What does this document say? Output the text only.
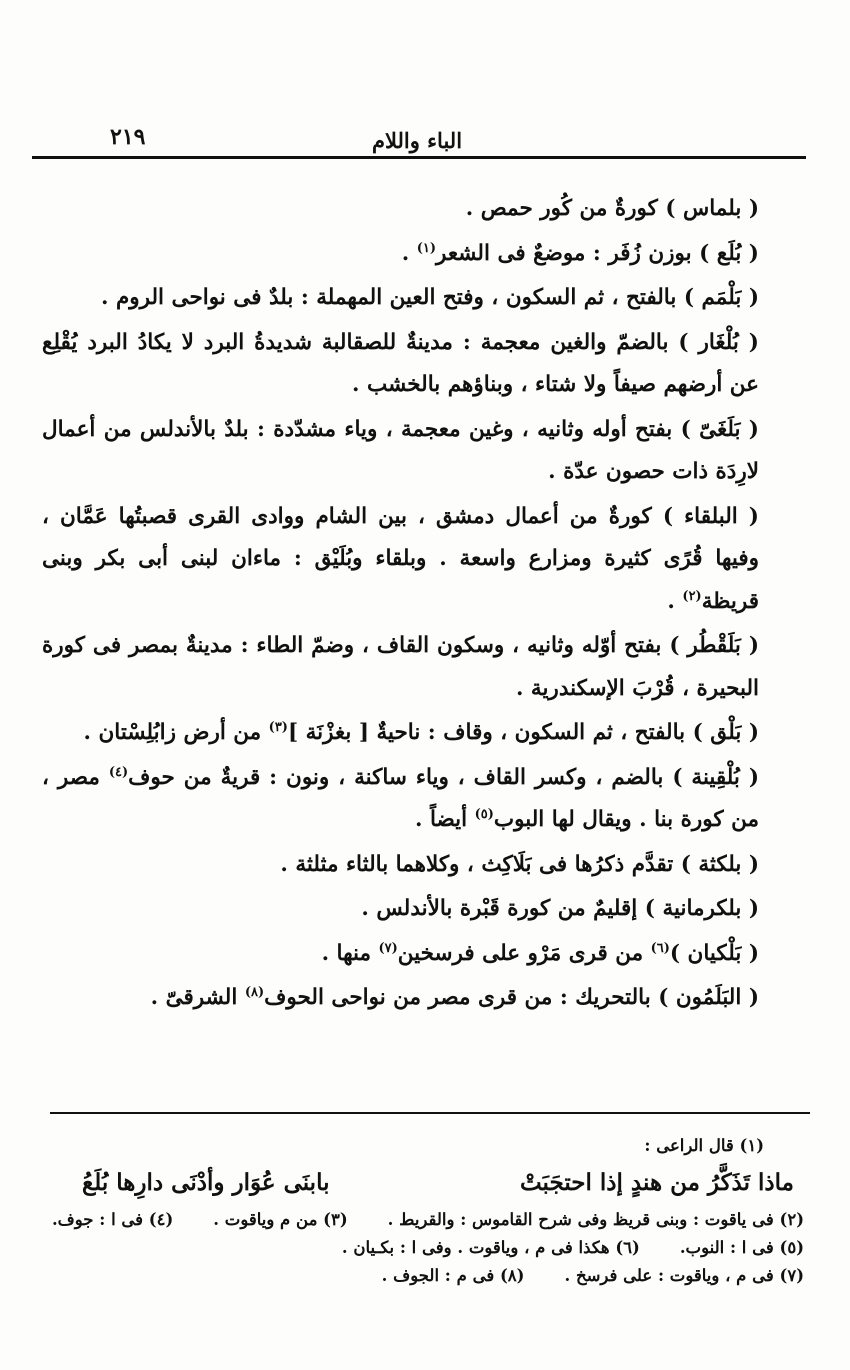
الباء واللام
٢١٩
( بلماس ) كورةٌ من كُور حمص .
( بُلَع ) بوزن زُفَر : موضعٌ فى الشعر$^{(١)}$ .
( بَلْمَم ) بالفتح ، ثم السكون ، وفتح العين المهملة : بلدٌ فى نواحى الروم .
( بُلْغَار ) بالضمّ والغين معجمة : مدينةٌ للصقالبة شديدةُ البرد لا يكادُ البرد يُقْلِع عن أرضهم صيفاً ولا شتاء ، وبناؤهم بالخشب .
( بَلَغَىّ ) بفتح أوله وثانيه ، وغين معجمة ، وياء مشدّدة : بلدٌ بالأندلس من أعمال لارِدَة ذات حصون عدّة .
( البلقاء ) كورةٌ من أعمال دمشق ، بين الشام ووادى القرى قصبتُها عَمَّان ، وفيها قُرًى كثيرة ومزارع واسعة . وبلقاء وبُلَيْق : ماءان لبنى أبى بكر وبنى قريظة$^{(٢)}$ .
( بَلَقْطُر ) بفتح أوّله وثانيه ، وسكون القاف ، وضمّ الطاء : مدينةٌ بمصر فى كورة البحيرة ، قُرْبَ الإسكندرية .
( بَلْق ) بالفتح ، ثم السكون ، وقاف : ناحيةٌ [ بغزْنَة ]$^{(٣)}$ من أرض زابُلِسْتان .
( بُلْقِينة ) بالضم ، وكسر القاف ، وياء ساكنة ، ونون : قريةٌ من حوف$^{(٤)}$ مصر ، من كورة بنا . ويقال لها البوب$^{(٥)}$ أيضاً .
( بلكثة ) تقدَّم ذكرُها فى بَلَاكِث ، وكلاهما بالثاء مثلثة .
( بلكرمانية ) إقليمٌ من كورة قَبْرة بالأندلس .
( بَلْكيان )$^{(٦)}$ من قرى مَرْو على فرسخين$^{(٧)}$ منها .
( البَلَمُون ) بالتحريك : من قرى مصر من نواحى الحوف$^{(٨)}$ الشرقىّ .
(١) قال الراعى :
ماذا تَذَكَّرُ من هندٍ إذا احتجَبَتْ
بابنَى عُوَار وأدْنَى دارِها بُلَعُ
(٢) فى ياقوت : وبنى قريظ وفى شرح القاموس : والقريط .(٣) من م وياقوت .(٤) فى ا : جوف.
(٥) فى ا : النوب.(٦) هكذا فى م ، وياقوت . وفى ا : بكـيان .
(٧) فى م ، وياقوت : على فرسخ .(٨) فى م : الجوف .
